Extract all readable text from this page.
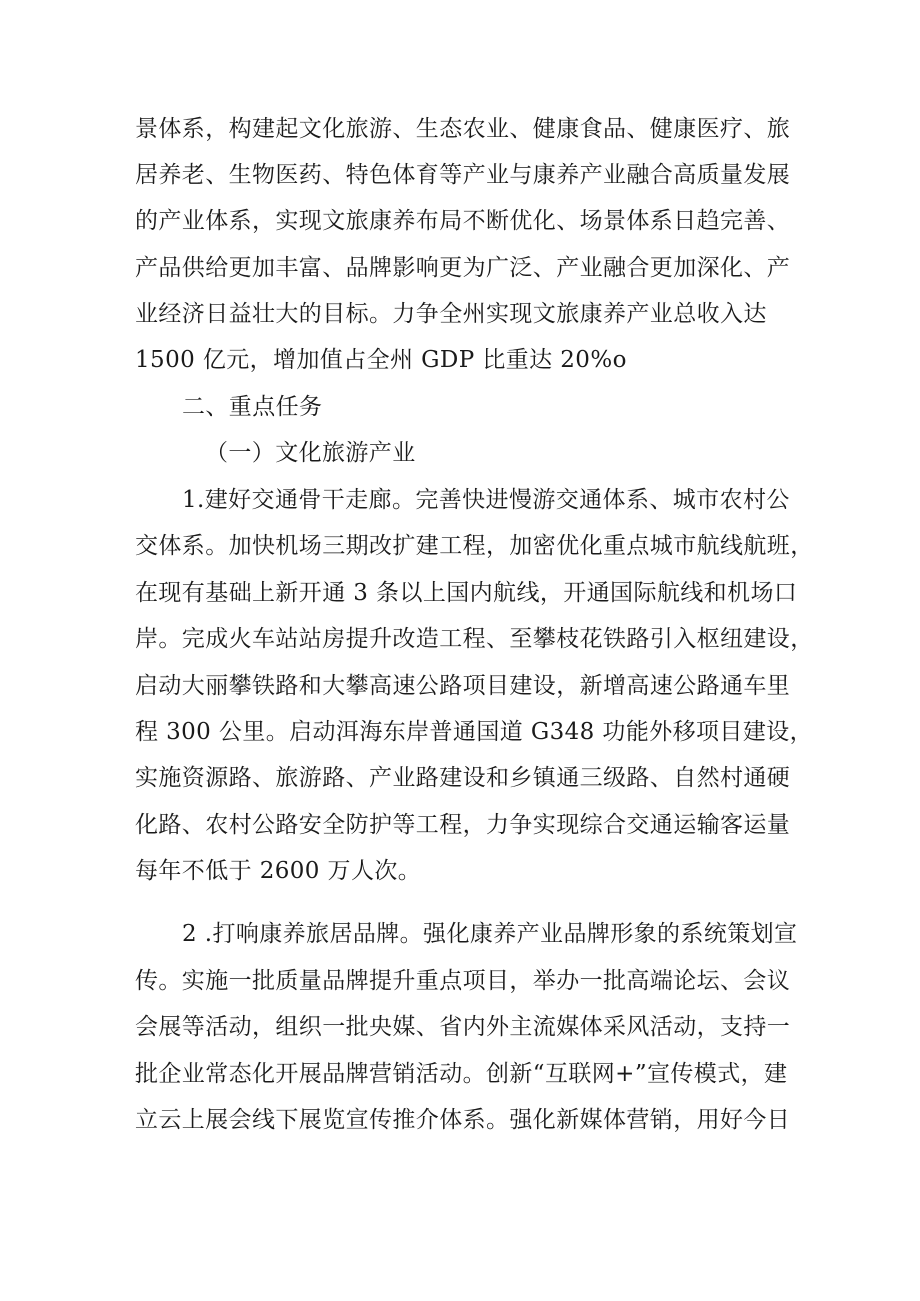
景体系，构建起文化旅游、生态农业、健康食品、健康医疗、旅
居养老、生物医药、特色体育等产业与康养产业融合高质量发展
的产业体系，实现文旅康养布局不断优化、场景体系日趋完善、
产品供给更加丰富、品牌影响更为广泛、产业融合更加深化、产
业经济日益壮大的目标。力争全州实现文旅康养产业总收入达
1500 亿元，增加值占全州 GDP 比重达 20%o
二、重点任务
（一）文化旅游产业
1.建好交通骨干走廊。完善快进慢游交通体系、城市农村公
交体系。加快机场三期改扩建工程，加密优化重点城市航线航班，
在现有基础上新开通 3 条以上国内航线，开通国际航线和机场口
岸。完成火车站站房提升改造工程、至攀枝花铁路引入枢纽建设，
启动大丽攀铁路和大攀高速公路项目建设，新增高速公路通车里
程 300 公里。启动洱海东岸普通国道 G348 功能外移项目建设，
实施资源路、旅游路、产业路建设和乡镇通三级路、自然村通硬
化路、农村公路安全防护等工程，力争实现综合交通运输客运量
每年不低于 2600 万人次。
2 .打响康养旅居品牌。强化康养产业品牌形象的系统策划宣
传。实施一批质量品牌提升重点项目，举办一批高端论坛、会议
会展等活动，组织一批央媒、省内外主流媒体采风活动，支持一
批企业常态化开展品牌营销活动。创新“互联网+”宣传模式，建
立云上展会线下展览宣传推介体系。强化新媒体营销，用好今日
